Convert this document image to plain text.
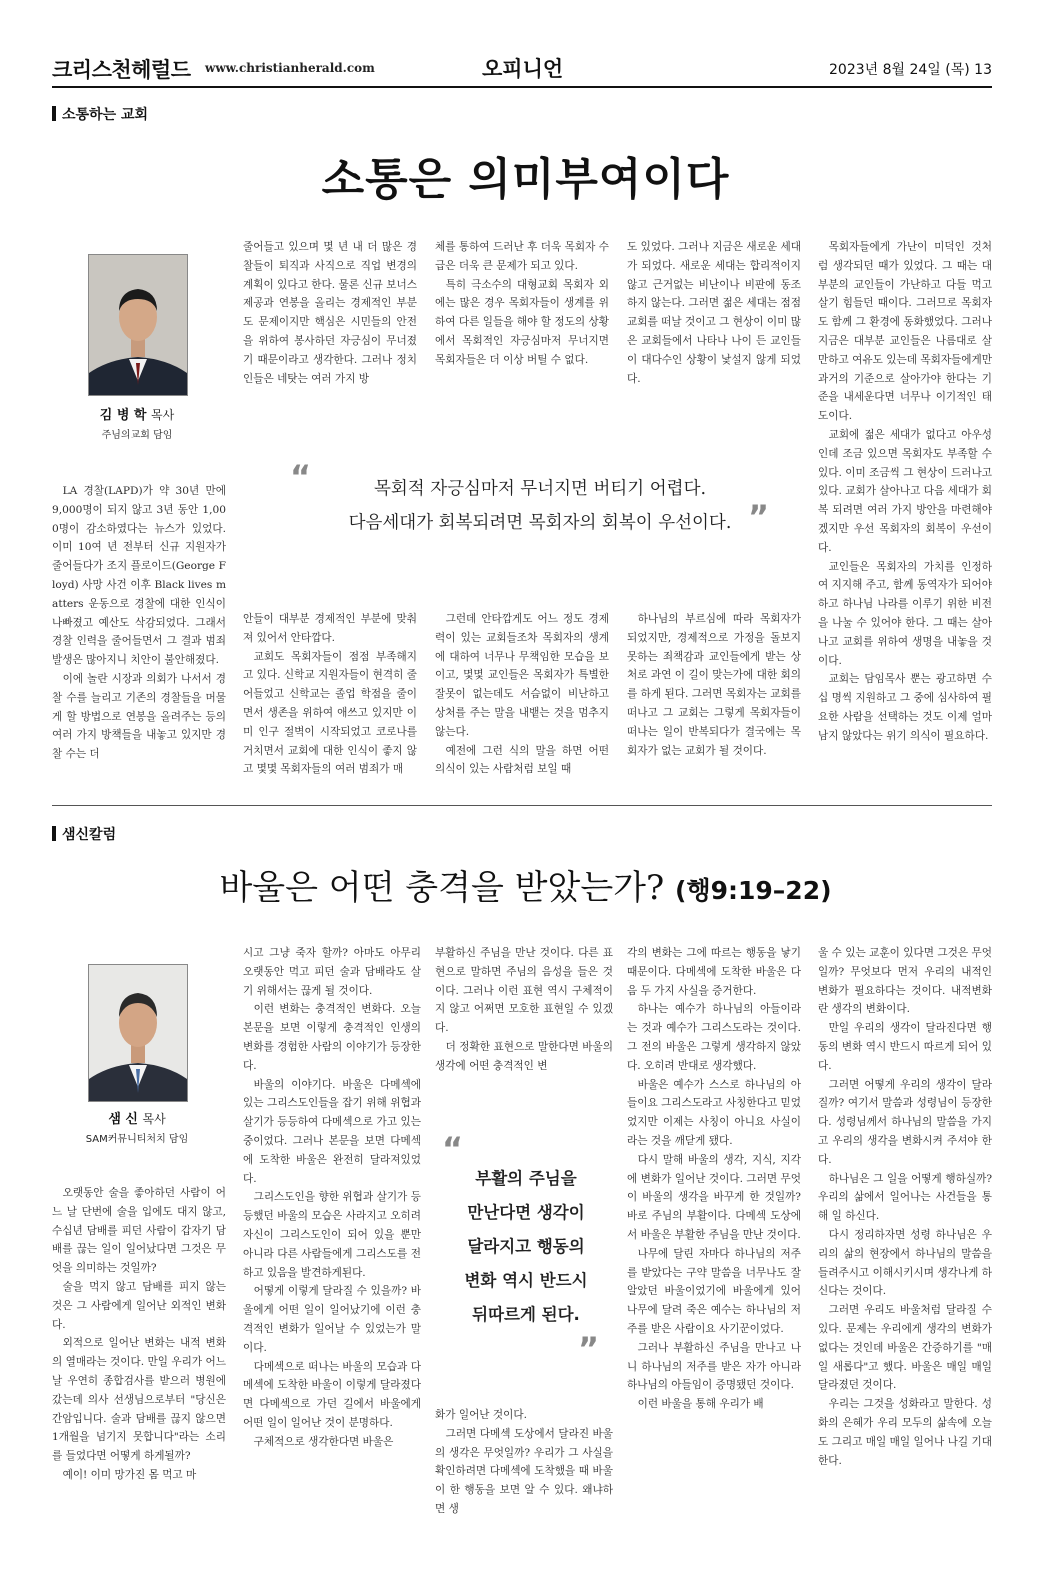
크리스천헤럴드 www.christianherald.com	오피니언	2023년 8월 24일 (목) 13
소통하는 교회
소통은 의미부여이다
김 병 학 목사
주님의교회 담임

LA 경찰(LAPD)가 약 30년 만에 9,000명이 되지 않고 3년 동안 1,000명이 감소하였다는 뉴스가 있었다. 이미 10여 년 전부터 신규 지원자가 줄어들다가 조지 플로이드(George Floyd) 사망 사건 이후 Black lives matters 운동으로 경찰에 대한 인식이 나빠졌고 예산도 삭감되었다. 그래서 경찰 인력을 줄어들면서 그 결과 범죄 발생은 많아지니 치안이 불안해졌다.

이에 놀란 시장과 의회가 나서서 경찰 수를 늘리고 기존의 경찰들을 머물게 할 방법으로 연봉을 올려주는 등의 여러 가지 방책들을 내놓고 있지만 경찰 수는 더

줄어들고 있으며 몇 년 내 더 많은 경찰들이 퇴직과 사직으로 직업 변경의 계획이 있다고 한다. 물론 신규 보너스 제공과 연봉을 올리는 경제적인 부분도 문제이지만 핵심은 시민들의 안전을 위하여 봉사하던 자긍심이 무너졌기 때문이라고 생각한다. 그러나 정치인들은 네탓는 여러 가지 방

안들이 대부분 경제적인 부분에 맞춰져 있어서 안타깝다.

교회도 목회자들이 점점 부족해지고 있다. 신학교 지원자들이 현격히 줄어들었고 신학교는 졸업 학점을 줄이면서 생존을 위하여 애쓰고 있지만 이미 인구 절벽이 시작되었고 코로나를 거치면서 교회에 대한 인식이 좋지 않고 몇몇 목회자들의 여러 범죄가 매

체를 통하여 드러난 후 더욱 목회자 수급은 더욱 큰 문제가 되고 있다.

특히 극소수의 대형교회 목회자 외에는 많은 경우 목회자들이 생계를 위하여 다른 일들을 해야 할 정도의 상황에서 목회적인 자긍심마저 무너지면 목회자들은 더 이상 버틸 수 없다.

그런데 안타깝게도 어느 정도 경제력이 있는 교회들조차 목회자의 생계에 대하여 너무나 무책임한 모습을 보이고, 몇몇 교인들은 목회자가 특별한 잘못이 없는데도 서슴없이 비난하고 상처를 주는 말을 내뱉는 것을 멈추지 않는다.

예전에 그런 식의 말을 하면 어떤 의식이 있는 사람처럼 보일 때

도 있었다. 그러나 지금은 새로운 세대가 되었다. 새로운 세대는 합리적이지 않고 근거없는 비난이나 비판에 동조하지 않는다. 그러면 젊은 세대는 점점 교회를 떠날 것이고 그 현상이 이미 많은 교회들에서 나타나 나이 든 교인들이 대다수인 상황이 낯설지 않게 되었다.

하나님의 부르심에 따라 목회자가 되었지만, 경제적으로 가정을 돌보지 못하는 죄책감과 교인들에게 받는 상처로 과연 이 길이 맞는가에 대한 회의를 하게 된다. 그러면 목회자는 교회를 떠나고 그 교회는 그렇게 목회자들이 떠나는 일이 반복되다가 결국에는 목회자가 없는 교회가 될 것이다.

목회자들에게 가난이 미덕인 것처럼 생각되던 때가 있었다. 그 때는 대부분의 교인들이 가난하고 다들 먹고 살기 힘들던 때이다. 그러므로 목회자도 함께 그 환경에 동화했었다. 그러나 지금은 대부분 교인들은 나름대로 살 만하고 여유도 있는데 목회자들에게만 과거의 기준으로 살아가야 한다는 기준을 내세운다면 너무나 이기적인 태도이다.

교회에 젊은 세대가 없다고 아우성인데 조금 있으면 목회자도 부족할 수 있다. 이미 조금씩 그 현상이 드러나고 있다. 교회가 살아나고 다음 세대가 회복 되려면 여러 가지 방안을 마련해야겠지만 우선 목회자의 회복이 우선이다.

교인들은 목회자의 가치를 인정하여 지지해 주고, 함께 동역자가 되어야 하고 하나님 나라를 이루기 위한 비전을 나눌 수 있어야 한다. 그 때는 살아나고 교회를 위하여 생명을 내놓을 것이다.

교회는 담임목사 뿐는 광고하면 수십 명씩 지원하고 그 중에 심사하여 필요한 사람을 선택하는 것도 이제 얼마 남지 않았다는 위기 의식이 필요하다.

“	목회적 자긍심마저 무너지면 버티기 어렵다.
다음세대가 회복되려면 목회자의 회복이 우선이다. ”
샘신칼럼
바울은 어떤 충격을 받았는가? (행9:19–22)
샘 신 목사
SAM커뮤니티처치 담임

오랫동안 술을 좋아하던 사람이 어느 날 단번에 술을 입에도 대지 않고, 수십년 담배를 피던 사람이 갑자기 담배를 끊는 일이 일어났다면 그것은 무엇을 의미하는 것일까?

술을 먹지 않고 담배를 피지 않는 것은 그 사람에게 일어난 외적인 변화다.

외적으로 일어난 변화는 내적 변화의 열매라는 것이다. 만일 우리가 어느 날 우연히 종합검사를 받으러 병원에 갔는데 의사 선생님으로부터 "당신은 간암입니다. 술과 담배를 끊지 않으면 1개월을 넘기지 못합니다"라는 소리를 들었다면 어떻게 하게될까?

예이! 이미 망가진 몸 먹고 마

시고 그냥 죽자 할까? 아마도 아무리 오랫동안 먹고 피던 술과 담배라도 살기 위해서는 끊게 될 것이다.

이런 변화는 충격적인 변화다. 오늘 본문을 보면 이렇게 충격적인 인생의 변화를 경험한 사람의 이야기가 등장한다.

바울의 이야기다. 바울은 다메섹에 있는 그리스도인들을 잡기 위해 위협과 살기가 등등하여 다메섹으로 가고 있는 중이었다. 그러나 본문을 보면 다메섹에 도착한 바울은 완전히 달라져있었다.

그리스도인을 향한 위협과 살기가 등등했던 바울의 모습은 사라지고 오히려 자신이 그리스도인이 되어 있을 뿐만 아니라 다른 사람들에게 그리스도를 전하고 있음을 발견하게된다.

어떻게 이렇게 달라질 수 있을까? 바울에게 어떤 일이 일어났기에 이런 충격적인 변화가 일어날 수 있었는가 말이다.

다메섹으로 떠나는 바울의 모습과 다메섹에 도착한 바울이 이렇게 달라졌다면 다메섹으로 가던 길에서 바울에게 어떤 일이 일어난 것이 분명하다.

구체적으로 생각한다면 바울은

부활하신 주님을 만난 것이다. 다른 표현으로 말하면 주님의 음성을 들은 것이다. 그러나 이런 표현 역시 구체적이지 않고 어쩌면 모호한 표현일 수 있겠다.

더 정확한 표현으로 말한다면 바울의 생각에 어떤 충격적인 변

화가 일어난 것이다.

그러면 다메섹 도상에서 달라진 바울의 생각은 무엇일까? 우리가 그 사실을 확인하려면 다메섹에 도착했을 때 바울이 한 행동을 보면 알 수 있다. 왜냐하면 생

“
부활의 주님을
만난다면 생각이
달라지고 행동의
변화 역시 반드시
뒤따르게 된다.
”

각의 변화는 그에 따르는 행동을 낳기 때문이다. 다메섹에 도착한 바울은 다음 두 가지 사실을 증거한다.

하나는 예수가 하나님의 아들이라는 것과 예수가 그리스도라는 것이다. 그 전의 바울은 그렇게 생각하지 않았다. 오히려 반대로 생각했다.

바울은 예수가 스스로 하나님의 아들이요 그리스도라고 사칭한다고 믿었었지만 이제는 사칭이 아니요 사실이라는 것을 깨닫게 됐다.

다시 말해 바울의 생각, 지식, 지각에 변화가 일어난 것이다. 그러면 무엇이 바울의 생각을 바꾸게 한 것일까? 바로 주님의 부활이다. 다메섹 도상에서 바울은 부활한 주님을 만난 것이다.

나무에 달린 자마다 하나님의 저주를 받았다는 구약 말씀을 너무나도 잘 알았던 바울이었기에 바울에게 있어 나무에 달려 죽은 예수는 하나님의 저주를 받은 사람이요 사기꾼이었다.

그러나 부활하신 주님을 만나고 나니 하나님의 저주를 받은 자가 아니라 하나님의 아들임이 증명됐던 것이다.

이런 바울을 통해 우리가 배

울 수 있는 교훈이 있다면 그것은 무엇일까? 무엇보다 먼저 우리의 내적인 변화가 필요하다는 것이다. 내적변화란 생각의 변화이다.

만일 우리의 생각이 달라진다면 행동의 변화 역시 반드시 따르게 되어 있다.

그러면 어떻게 우리의 생각이 달라질까? 여기서 말씀과 성령님이 등장한다. 성령님께서 하나님의 말씀을 가지고 우리의 생각을 변화시켜 주셔야 한다.

하나님은 그 일을 어떻게 행하실까? 우리의 삶에서 일어나는 사건들을 통해 일 하신다.

다시 정리하자면 성령 하나님은 우리의 삶의 현장에서 하나님의 말씀을 들려주시고 이해시키시며 생각나게 하신다는 것이다.

그러면 우리도 바울처럼 달라질 수 있다. 문제는 우리에게 생각의 변화가 없다는 것인데 바울은 간증하기를 "매일 새롭다"고 했다. 바울은 매일 매일 달라졌던 것이다.

우리는 그것을 성화라고 말한다. 성화의 은혜가 우리 모두의 삶속에 오늘도 그리고 매일 매일 일어나 나길 기대한다.
